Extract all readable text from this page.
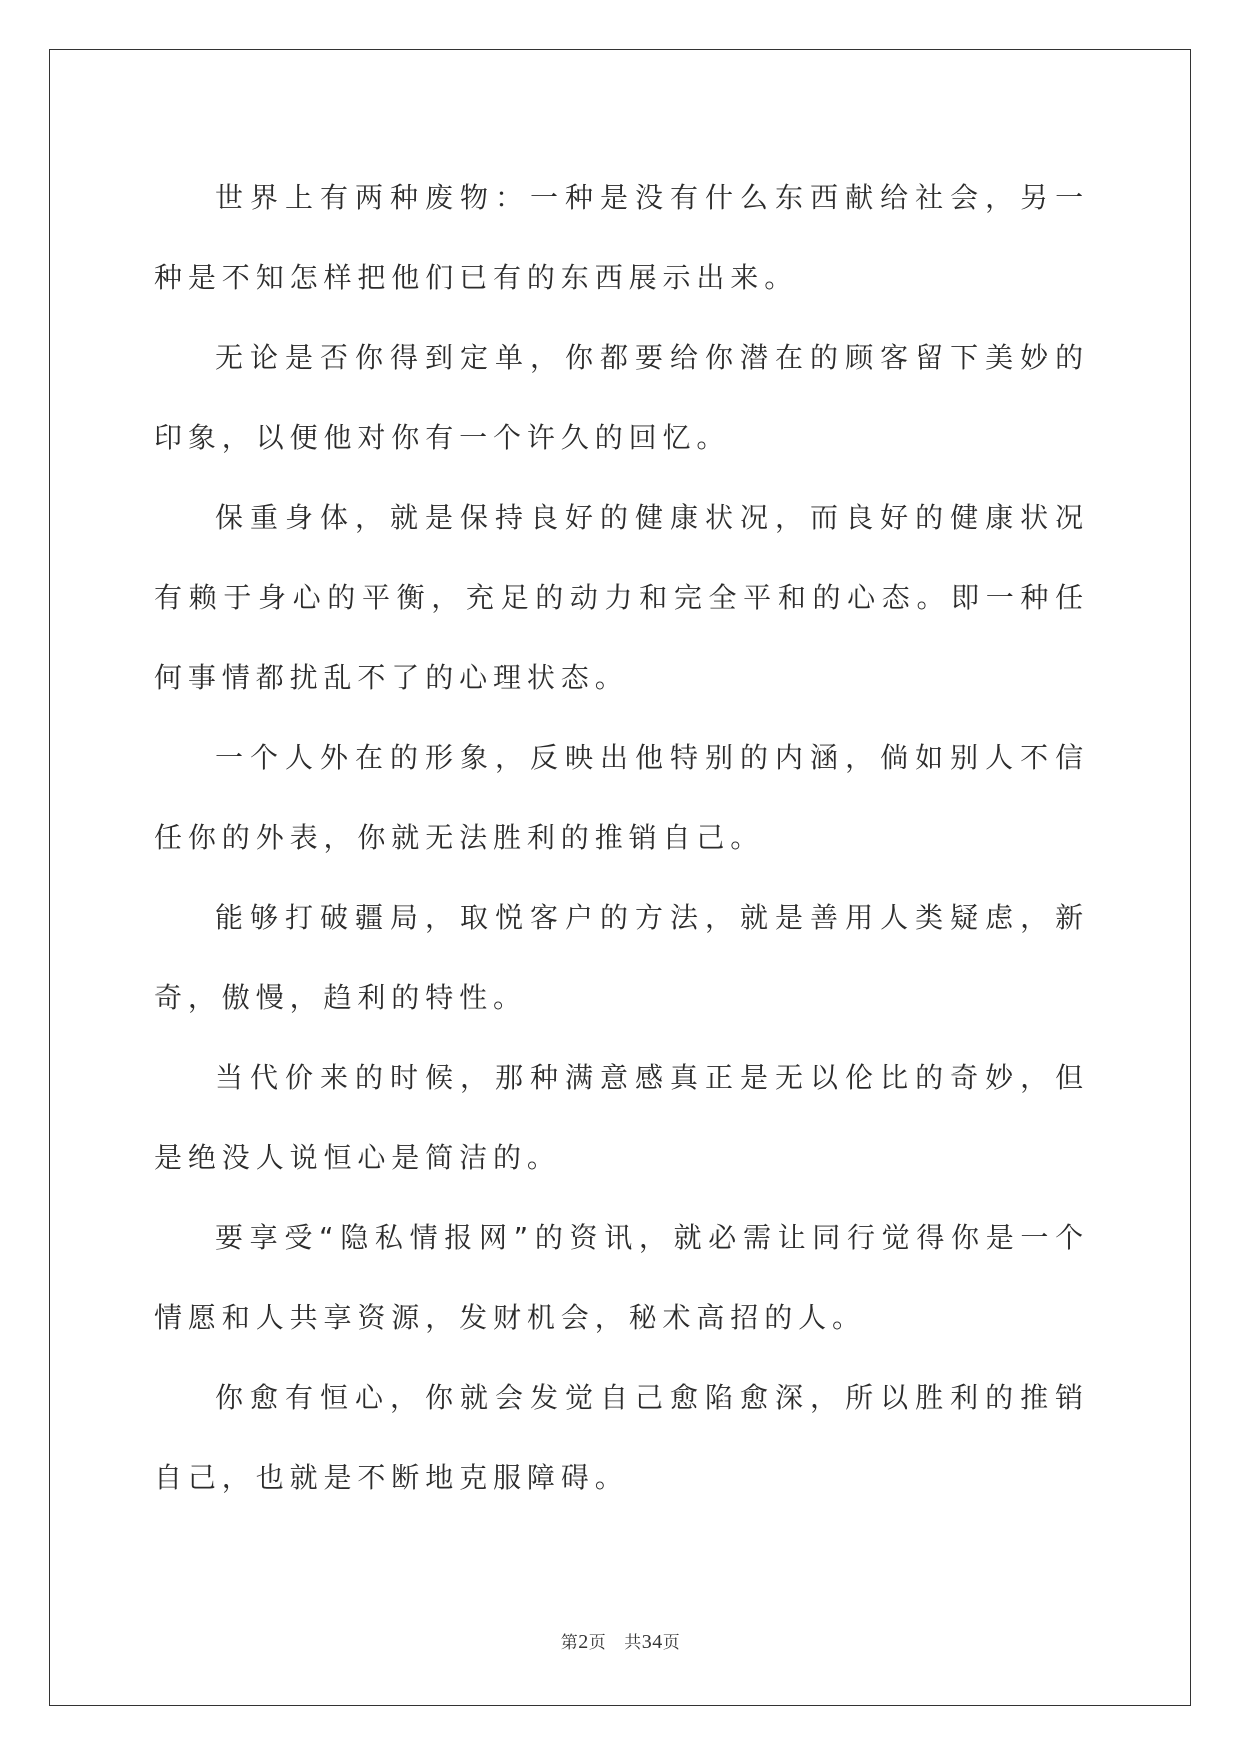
世界上有两种废物：一种是没有什么东西献给社会，另一种是不知怎样把他们已有的东西展示出来。

无论是否你得到定单，你都要给你潜在的顾客留下美妙的印象，以便他对你有一个许久的回忆。

保重身体，就是保持良好的健康状况，而良好的健康状况有赖于身心的平衡，充足的动力和完全平和的心态。即一种任何事情都扰乱不了的心理状态。

一个人外在的形象，反映出他特别的内涵，倘如别人不信任你的外表，你就无法胜利的推销自己。

能够打破疆局，取悦客户的方法，就是善用人类疑虑，新奇，傲慢，趋利的特性。

当代价来的时候，那种满意感真正是无以伦比的奇妙，但是绝没人说恒心是简洁的。

要享受“隐私情报网”的资讯，就必需让同行觉得你是一个情愿和人共享资源，发财机会，秘术高招的人。

你愈有恒心，你就会发觉自己愈陷愈深，所以胜利的推销自己，也就是不断地克服障碍。

第2页 共34页
